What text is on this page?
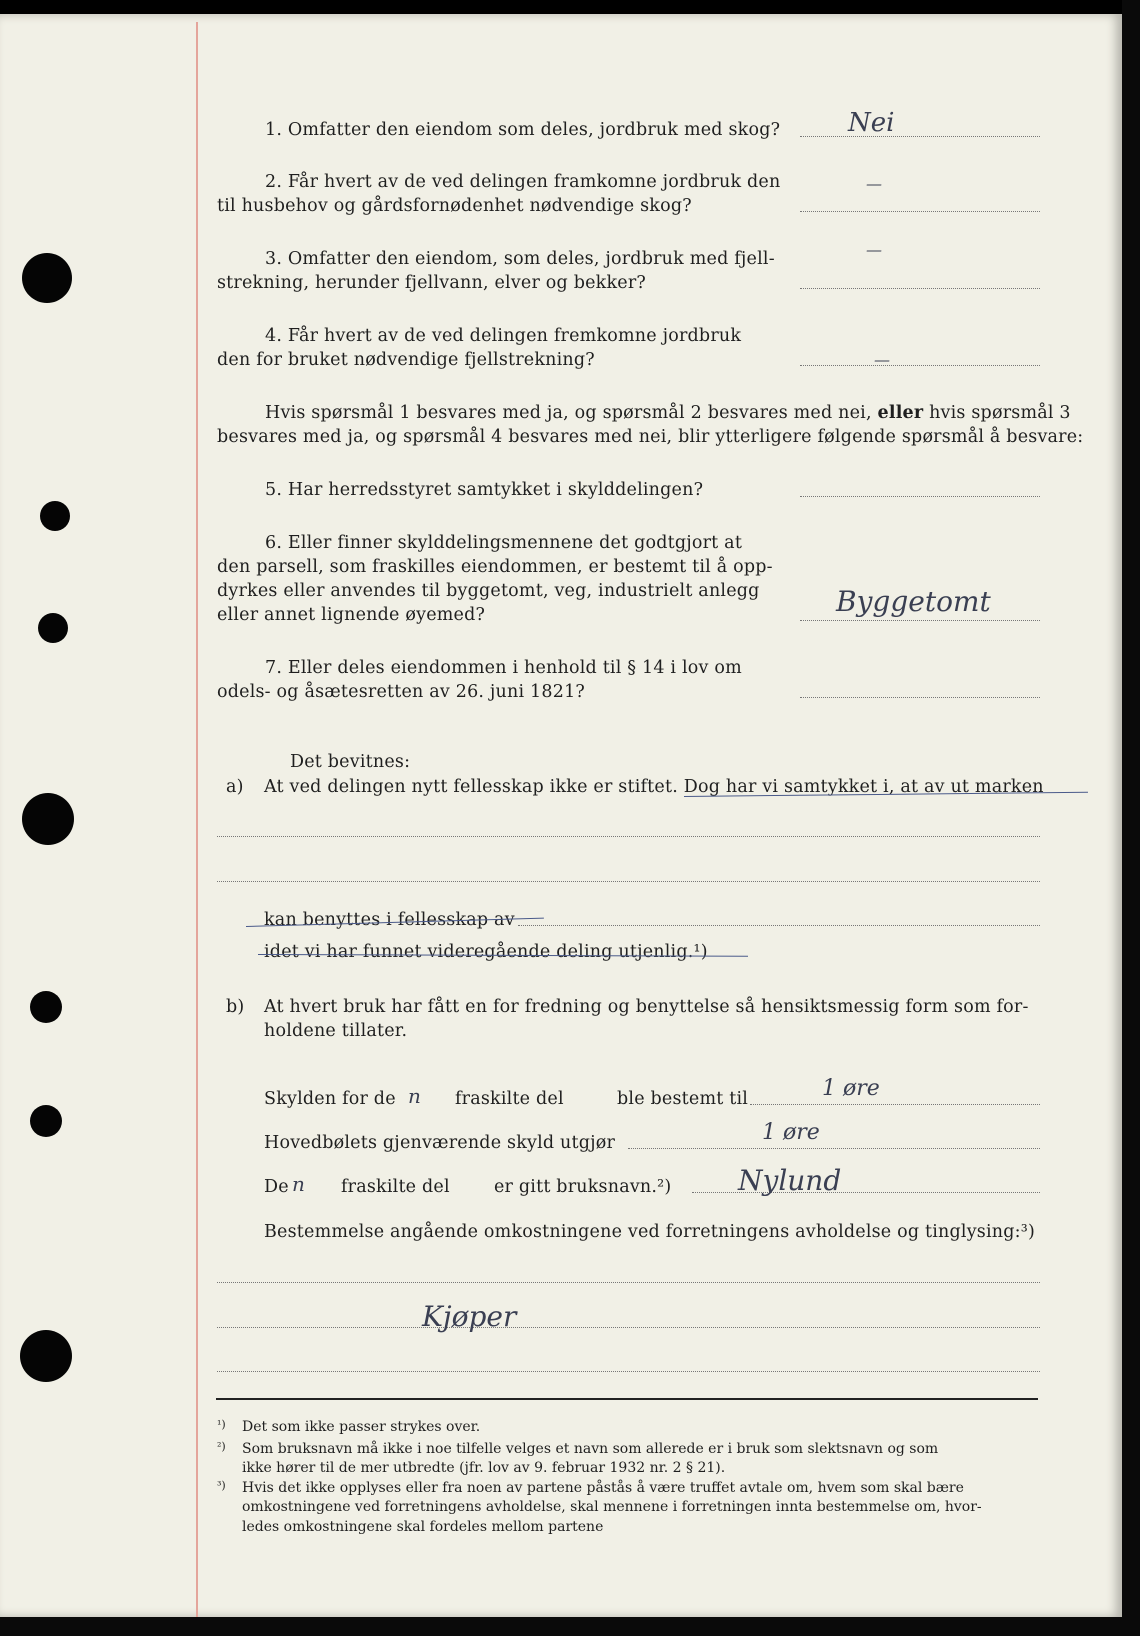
1. Omfatter den eiendom som deles, jordbruk med skog?	Nei
2. Får hvert av de ved delingen framkomne jordbruk den
til husbehov og gårdsfornødenhet nødvendige skog?
—
3. Omfatter den eiendom, som deles, jordbruk med fjell-
strekning, herunder fjellvann, elver og bekker?
—
4. Får hvert av de ved delingen fremkomne jordbruk
den for bruket nødvendige fjellstrekning?	—
Hvis spørsmål 1 besvares med ja, og spørsmål 2 besvares med nei, eller hvis spørsmål 3
besvares med ja, og spørsmål 4 besvares med nei, blir ytterligere følgende spørsmål å besvare:
5. Har herredsstyret samtykket i skylddelingen?
6. Eller finner skylddelingsmennene det godtgjort at
den parsell, som fraskilles eiendommen, er bestemt til å opp-
dyrkes eller anvendes til byggetomt, veg, industrielt anlegg
eller annet lignende øyemed?	Byggetomt
7. Eller deles eiendommen i henhold til § 14 i lov om
odels- og åsætesretten av 26. juni 1821?
Det bevitnes:
a) At ved delingen nytt fellesskap ikke er stiftet. Dog har vi samtykket i, at av ut marken
kan benyttes i fellesskap av
idet vi har funnet videregående deling utjenlig.¹)
b) At hvert bruk har fått en for fredning og benyttelse så hensiktsmessig form som for-
holdene tillater.
Skylden for de n fraskilte del	ble bestemt til	1 øre
Hovedbølets gjenværende skyld utgjør	1 øre
De n fraskilte del	er gitt bruksnavn.²) Nylund
Bestemmelse angående omkostningene ved forretningens avholdelse og tinglysing:³)
Kjøper
¹) Det som ikke passer strykes over.
²) Som bruksnavn må ikke i noe tilfelle velges et navn som allerede er i bruk som slektsnavn og som
ikke hører til de mer utbredte (jfr. lov av 9. februar 1932 nr. 2 § 21).
³) Hvis det ikke opplyses eller fra noen av partene påstås å være truffet avtale om, hvem som skal bære
omkostningene ved forretningens avholdelse, skal mennene i forretningen innta bestemmelse om, hvor-
ledes omkostningene skal fordeles mellom partene
